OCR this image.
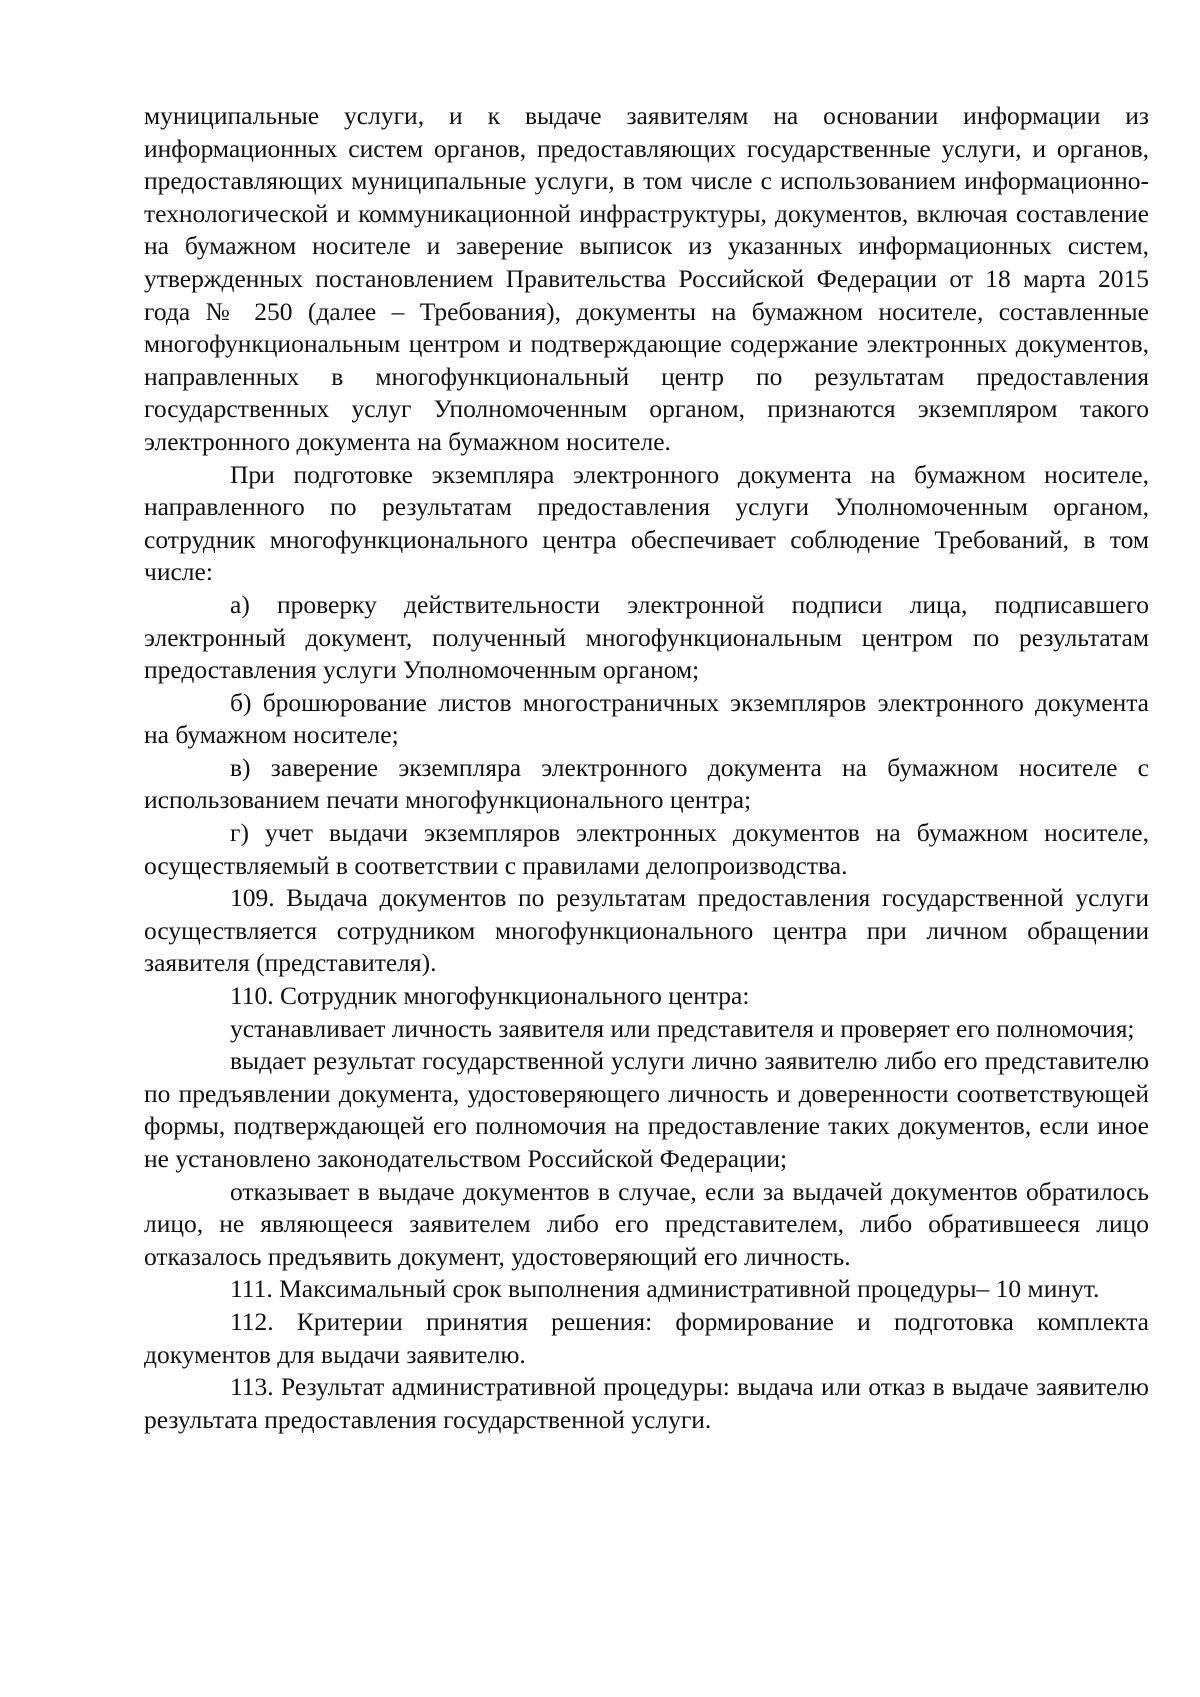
муниципальные услуги, и к выдаче заявителям на основании информации из информационных систем органов, предоставляющих государственные услуги, и органов, предоставляющих муниципальные услуги, в том числе с использованием информационно-технологической и коммуникационной инфраструктуры, документов, включая составление на бумажном носителе и заверение выписок из указанных информационных систем, утвержденных постановлением Правительства Российской Федерации от 18 марта 2015 года № 250 (далее – Требования), документы на бумажном носителе, составленные многофункциональным центром и подтверждающие содержание электронных документов, направленных в многофункциональный центр по результатам предоставления государственных услуг Уполномоченным органом, признаются экземпляром такого электронного документа на бумажном носителе.

При подготовке экземпляра электронного документа на бумажном носителе, направленного по результатам предоставления услуги Уполномоченным органом, сотрудник многофункционального центра обеспечивает соблюдение Требований, в том числе:

а) проверку действительности электронной подписи лица, подписавшего электронный документ, полученный многофункциональным центром по результатам предоставления услуги Уполномоченным органом;

б) брошюрование листов многостраничных экземпляров электронного документа на бумажном носителе;

в) заверение экземпляра электронного документа на бумажном носителе с использованием печати многофункционального центра;

г) учет выдачи экземпляров электронных документов на бумажном носителе, осуществляемый в соответствии с правилами делопроизводства.

109. Выдача документов по результатам предоставления государственной услуги осуществляется сотрудником многофункционального центра при личном обращении заявителя (представителя).

110. Сотрудник многофункционального центра:

устанавливает личность заявителя или представителя и проверяет его полномочия;

выдает результат государственной услуги лично заявителю либо его представителю по предъявлении документа, удостоверяющего личность и доверенности соответствующей формы, подтверждающей его полномочия на предоставление таких документов, если иное не установлено законодательством Российской Федерации;

отказывает в выдаче документов в случае, если за выдачей документов обратилось лицо, не являющееся заявителем либо его представителем, либо обратившееся лицо отказалось предъявить документ, удостоверяющий его личность.

111. Максимальный срок выполнения административной процедуры– 10 минут.

112. Критерии принятия решения: формирование и подготовка комплекта документов для выдачи заявителю.

113. Результат административной процедуры: выдача или отказ в выдаче заявителю результата предоставления государственной услуги.
